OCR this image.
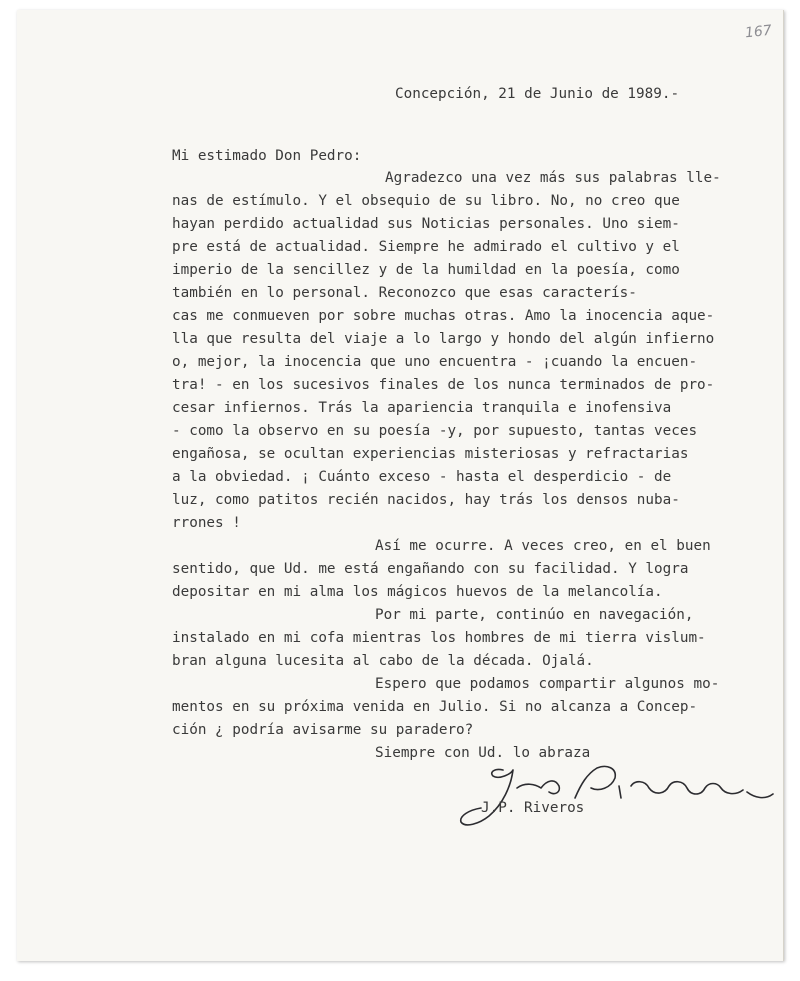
167
Concepción, 21 de Junio de 1989.-
Mi estimado Don Pedro:
Agradezco una vez más sus palabras lle-
nas de estímulo. Y el obsequio de su libro. No, no creo que
hayan perdido actualidad sus Noticias personales. Uno siem-
pre está de actualidad. Siempre he admirado el cultivo y el
imperio de la sencillez y de la humildad en la poesía, como
también en lo personal. Reconozco que esas caracterís-
cas me conmueven por sobre muchas otras. Amo la inocencia aque-
lla que resulta del viaje a lo largo y hondo del algún infierno
o, mejor, la inocencia que uno encuentra - ¡cuando la encuen-
tra! - en los sucesivos finales de los nunca terminados de pro-
cesar infiernos. Trás la apariencia tranquila e inofensiva
- como la observo en su poesía -y, por supuesto, tantas veces
engañosa, se ocultan experiencias misteriosas y refractarias
a la obviedad. ¡ Cuánto exceso - hasta el desperdicio - de
luz, como patitos recién nacidos, hay trás los densos nuba-
rrones !
Así me ocurre. A veces creo, en el buen
sentido, que Ud. me está engañando con su facilidad. Y logra
depositar en mi alma los mágicos huevos de la melancolía.
Por mi parte, continúo en navegación,
instalado en mi cofa mientras los hombres de mi tierra vislum-
bran alguna lucesita al cabo de la década. Ojalá.
Espero que podamos compartir algunos mo-
mentos en su próxima venida en Julio. Si no alcanza a Concep-
ción ¿ podría avisarme su paradero?
Siempre con Ud. lo abraza
J.P. Riveros
